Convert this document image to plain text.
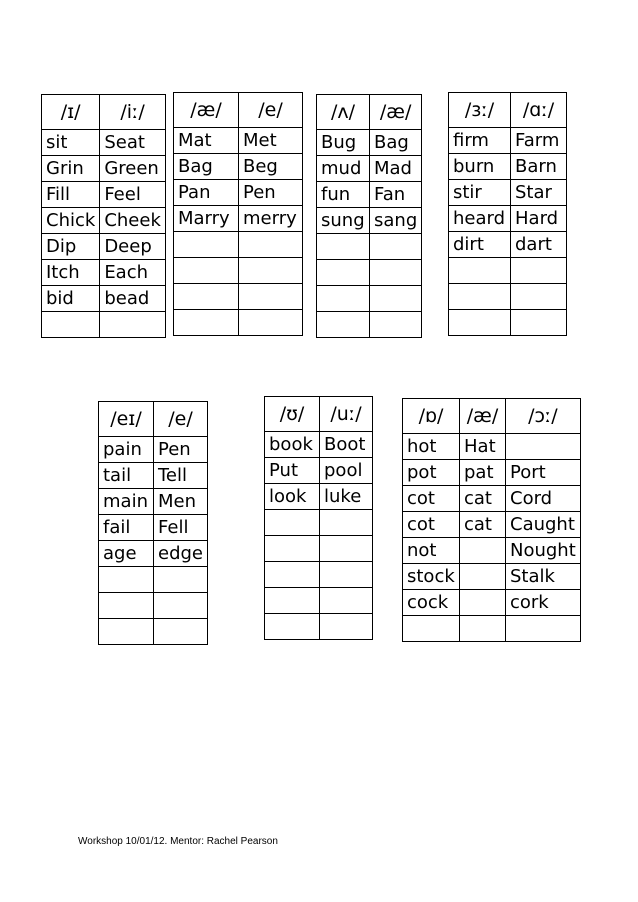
/ɪ/	/iː/
sit	Seat
Grin	Green
Fill	Feel
Chick	Cheek
Dip	Deep
Itch	Each
bid	bead

/æ/	/e/
Mat	Met
Bag	Beg
Pan	Pen
Marry	merry

/ʌ/	/æ/
Bug	Bag
mud	Mad
fun	Fan
sung	sang

/ɜː/	/ɑː/
firm	Farm
burn	Barn
stir	Star
heard	Hard
dirt	dart

/eɪ/	/e/
pain	Pen
tail	Tell
main	Men
fail	Fell
age	edge

/ʊ/	/uː/
book	Boot
Put	pool
look	luke

/ɒ/	/æ/	/ɔː/
hot	Hat	
pot	pat	Port
cot	cat	Cord
cot	cat	Caught
not		Nought
stock		Stalk
cock		cork

Workshop 10/01/12. Mentor: Rachel Pearson
